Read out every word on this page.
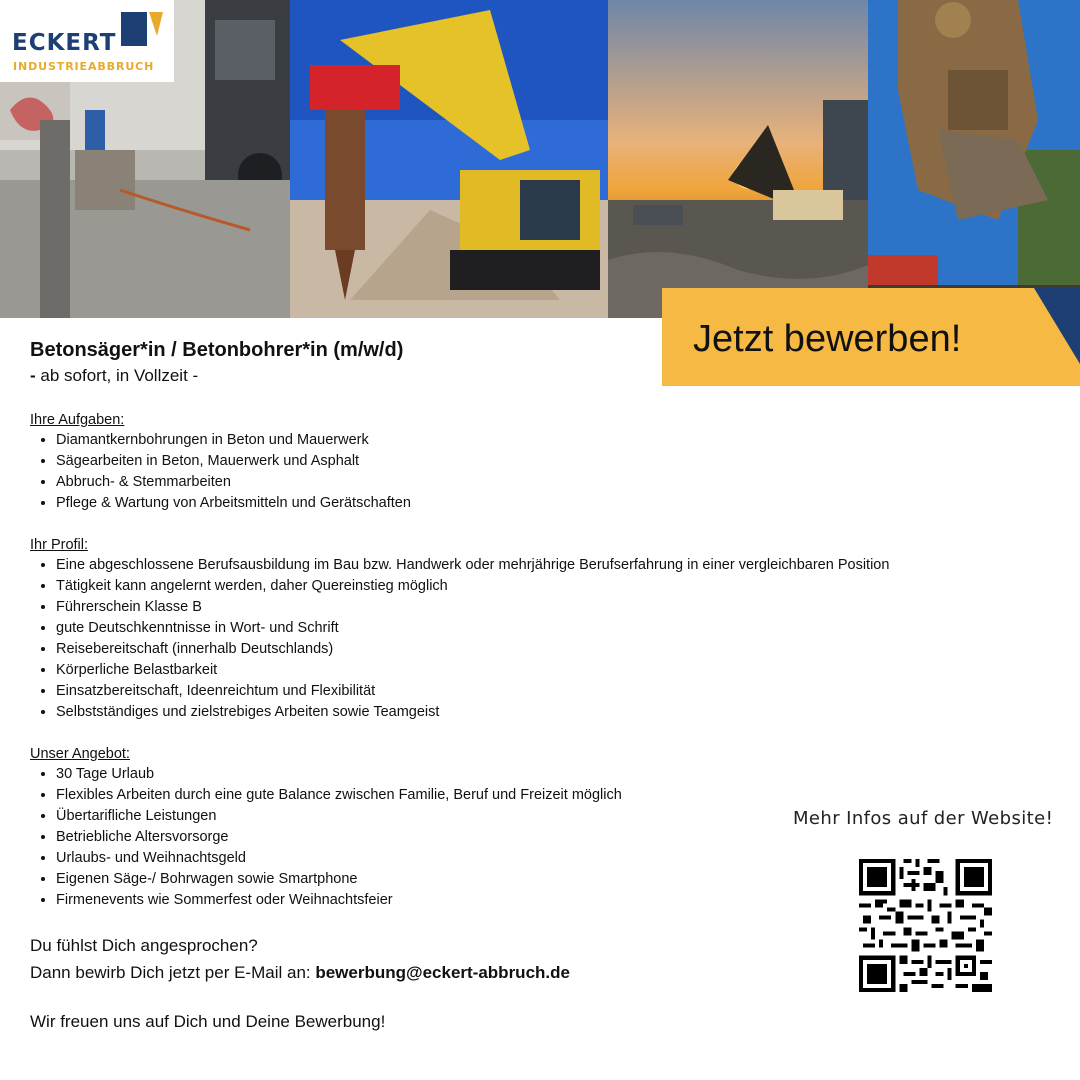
ECKERT
INDUSTRIEABBRUCH
Jetzt bewerben!

Betonsäger*in / Betonbohrer*in (m/w/d)

- ab sofort, in Vollzeit -

Ihre Aufgaben:

• Diamantkernbohrungen in Beton und Mauerwerk
• Sägearbeiten in Beton, Mauerwerk und Asphalt
• Abbruch- & Stemmarbeiten
• Pflege & Wartung von Arbeitsmitteln und Gerätschaften

Ihr Profil:

• Eine abgeschlossene Berufsausbildung im Bau bzw. Handwerk oder mehrjährige Berufserfahrung in einer vergleichbaren Position
• Tätigkeit kann angelernt werden, daher Quereinstieg möglich
• Führerschein Klasse B
• gute Deutschkenntnisse in Wort- und Schrift
• Reisebereitschaft (innerhalb Deutschlands)
• Körperliche Belastbarkeit
• Einsatzbereitschaft, Ideenreichtum und Flexibilität
• Selbstständiges und zielstrebiges Arbeiten sowie Teamgeist

Unser Angebot:

• 30 Tage Urlaub
• Flexibles Arbeiten durch eine gute Balance zwischen Familie, Beruf und Freizeit möglich
• Übertarifliche Leistungen
• Betriebliche Altersvorsorge
• Urlaubs- und Weihnachtsgeld
• Eigenen Säge-/ Bohrwagen sowie Smartphone
• Firmenevents wie Sommerfest oder Weihnachtsfeier

Du fühlst Dich angesprochen?

Dann bewirb Dich jetzt per E-Mail an: bewerbung@eckert-abbruch.de

Wir freuen uns auf Dich und Deine Bewerbung!

Mehr Infos auf der Website!
